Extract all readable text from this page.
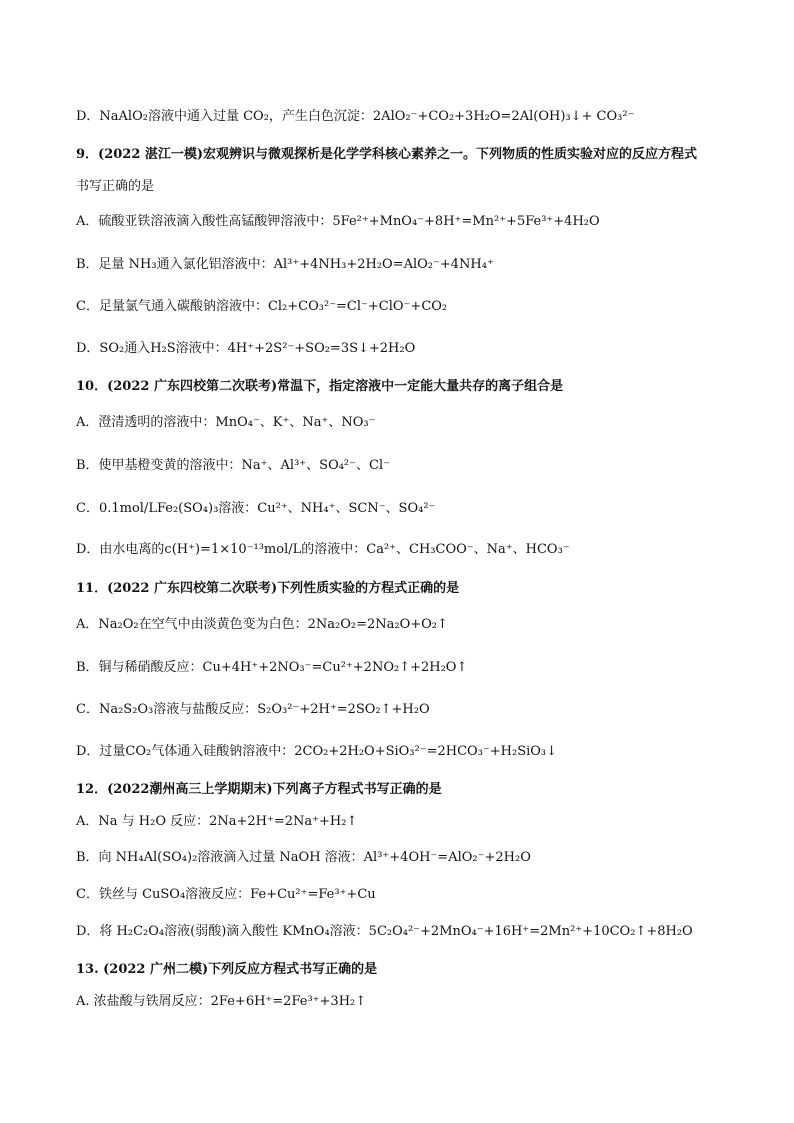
D．NaAlO₂溶液中通入过量 CO₂，产生白色沉淀：2AlO₂⁻+CO₂+3H₂O=2Al(OH)₃↓+ CO₃²⁻
9．(2022 湛江一模)宏观辨识与微观探析是化学学科核心素养之一。下列物质的性质实验对应的反应方程式
书写正确的是
A．硫酸亚铁溶液滴入酸性高锰酸钾溶液中：5Fe²⁺+MnO₄⁻+8H⁺=Mn²⁺+5Fe³⁺+4H₂O
B．足量 NH₃通入氯化铝溶液中：Al³⁺+4NH₃+2H₂O=AlO₂⁻+4NH₄⁺
C．足量氯气通入碳酸钠溶液中：Cl₂+CO₃²⁻=Cl⁻+ClO⁻+CO₂
D．SO₂通入H₂S溶液中：4H⁺+2S²⁻+SO₂=3S↓+2H₂O
10．(2022 广东四校第二次联考)常温下，指定溶液中一定能大量共存的离子组合是
A．澄清透明的溶液中：MnO₄⁻、K⁺、Na⁺、NO₃⁻
B．使甲基橙变黄的溶液中：Na⁺、Al³⁺、SO₄²⁻、Cl⁻
C．0.1mol/LFe₂(SO₄)₃溶液：Cu²⁺、NH₄⁺、SCN⁻、SO₄²⁻
D．由水电离的c(H⁺)=1×10⁻¹³mol/L的溶液中：Ca²⁺、CH₃COO⁻、Na⁺、HCO₃⁻
11．(2022 广东四校第二次联考)下列性质实验的方程式正确的是
A．Na₂O₂在空气中由淡黄色变为白色：2Na₂O₂=2Na₂O+O₂↑
B．铜与稀硝酸反应：Cu+4H⁺+2NO₃⁻=Cu²⁺+2NO₂↑+2H₂O↑
C．Na₂S₂O₃溶液与盐酸反应：S₂O₃²⁻+2H⁺=2SO₂↑+H₂O
D．过量CO₂气体通入硅酸钠溶液中：2CO₂+2H₂O+SiO₃²⁻=2HCO₃⁻+H₂SiO₃↓
12．(2022潮州高三上学期期末)下列离子方程式书写正确的是
A．Na 与 H₂O 反应：2Na+2H⁺=2Na⁺+H₂↑
B．向 NH₄Al(SO₄)₂溶液滴入过量 NaOH 溶液：Al³⁺+4OH⁻=AlO₂⁻+2H₂O
C．铁丝与 CuSO₄溶液反应：Fe+Cu²⁺=Fe³⁺+Cu
D．将 H₂C₂O₄溶液(弱酸)滴入酸性 KMnO₄溶液：5C₂O₄²⁻+2MnO₄⁻+16H⁺=2Mn²⁺+10CO₂↑+8H₂O
13. (2022 广州二模)下列反应方程式书写正确的是
A. 浓盐酸与铁屑反应：2Fe+6H⁺=2Fe³⁺+3H₂↑
